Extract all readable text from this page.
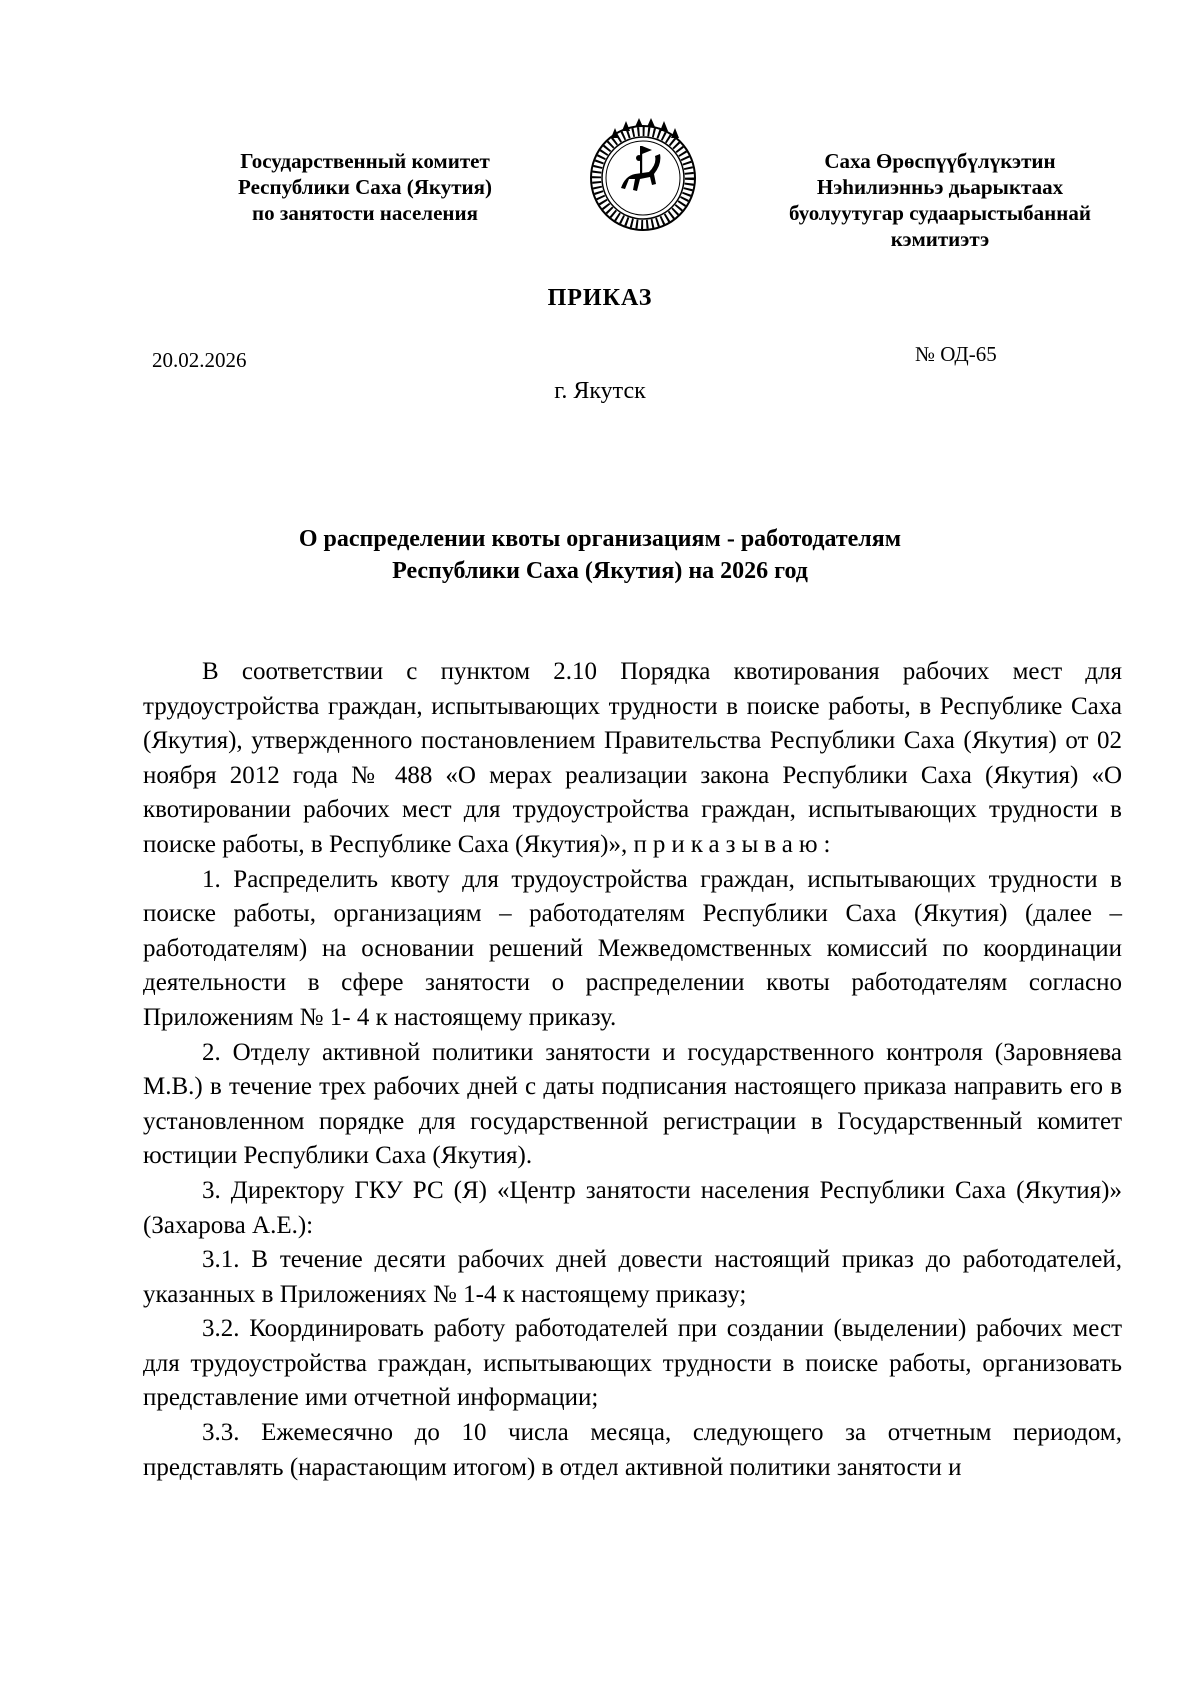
Государственный комитет
Республики Саха (Якутия)
по занятости населения
Саха Өрөспүүбүлүкэтин
Нэһилиэнньэ дьарыктаах
буолуутугар судаарыстыбаннай
кэмитиэтэ
ПРИКАЗ
20.02.2026	№ ОД-65
г. Якутск
О распределении квоты организациям - работодателям
Республики Саха (Якутия) на 2026 год

В соответствии с пунктом 2.10 Порядка квотирования рабочих мест для трудоустройства граждан, испытывающих трудности в поиске работы, в Республике Саха (Якутия), утвержденного постановлением Правительства Республики Саха (Якутия) от 02 ноября 2012 года № 488 «О мерах реализации закона Республики Саха (Якутия) «О квотировании рабочих мест для трудоустройства граждан, испытывающих трудности в поиске работы, в Республике Саха (Якутия)», приказываю:

1. Распределить квоту для трудоустройства граждан, испытывающих трудности в поиске работы, организациям – работодателям Республики Саха (Якутия) (далее – работодателям) на основании решений Межведомственных комиссий по координации деятельности в сфере занятости о распределении квоты работодателям согласно Приложениям № 1- 4 к настоящему приказу.

2. Отделу активной политики занятости и государственного контроля (Заровняева М.В.) в течение трех рабочих дней с даты подписания настоящего приказа направить его в установленном порядке для государственной регистрации в Государственный комитет юстиции Республики Саха (Якутия).

3. Директору ГКУ РС (Я) «Центр занятости населения Республики Саха (Якутия)» (Захарова А.Е.):

3.1. В течение десяти рабочих дней довести настоящий приказ до работодателей, указанных в Приложениях № 1-4 к настоящему приказу;

3.2. Координировать работу работодателей при создании (выделении) рабочих мест для трудоустройства граждан, испытывающих трудности в поиске работы, организовать представление ими отчетной информации;

3.3. Ежемесячно до 10 числа месяца, следующего за отчетным периодом, представлять (нарастающим итогом) в отдел активной политики занятости и
